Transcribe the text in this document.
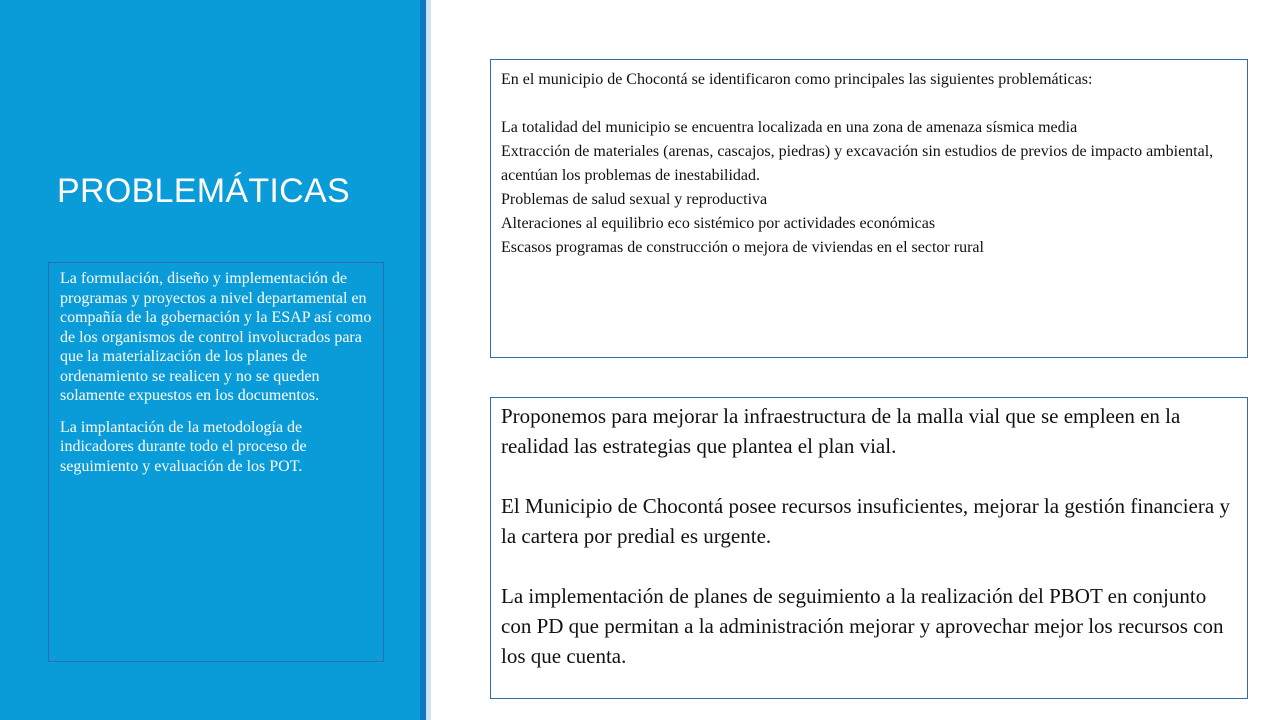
PROBLEMÁTICAS

La formulación, diseño y implementación de programas y proyectos a nivel departamental en compañía de la gobernación y la ESAP así como de los organismos de control involucrados para que la materialización de los planes de ordenamiento se realicen y no se queden solamente expuestos en los documentos.

La implantación de la metodología de indicadores durante todo el proceso de seguimiento y evaluación de los POT.

En el municipio de Chocontá se identificaron como principales las siguientes problemáticas:

La totalidad del municipio se encuentra localizada en una zona de amenaza sísmica media
Extracción de materiales (arenas, cascajos, piedras) y excavación sin estudios de previos de impacto ambiental, acentúan los problemas de inestabilidad.
Problemas de salud sexual y reproductiva
Alteraciones al equilibrio eco sistémico por actividades económicas
Escasos programas de construcción o mejora de viviendas en el sector rural

Proponemos para mejorar la infraestructura de la malla vial que se empleen en la realidad las estrategias que plantea el plan vial.

El Municipio de Chocontá posee recursos insuficientes, mejorar la gestión financiera y la cartera por predial es urgente.

La implementación de planes de seguimiento a la realización del PBOT en conjunto con PD que permitan a la administración mejorar y aprovechar mejor los recursos con los que cuenta.
